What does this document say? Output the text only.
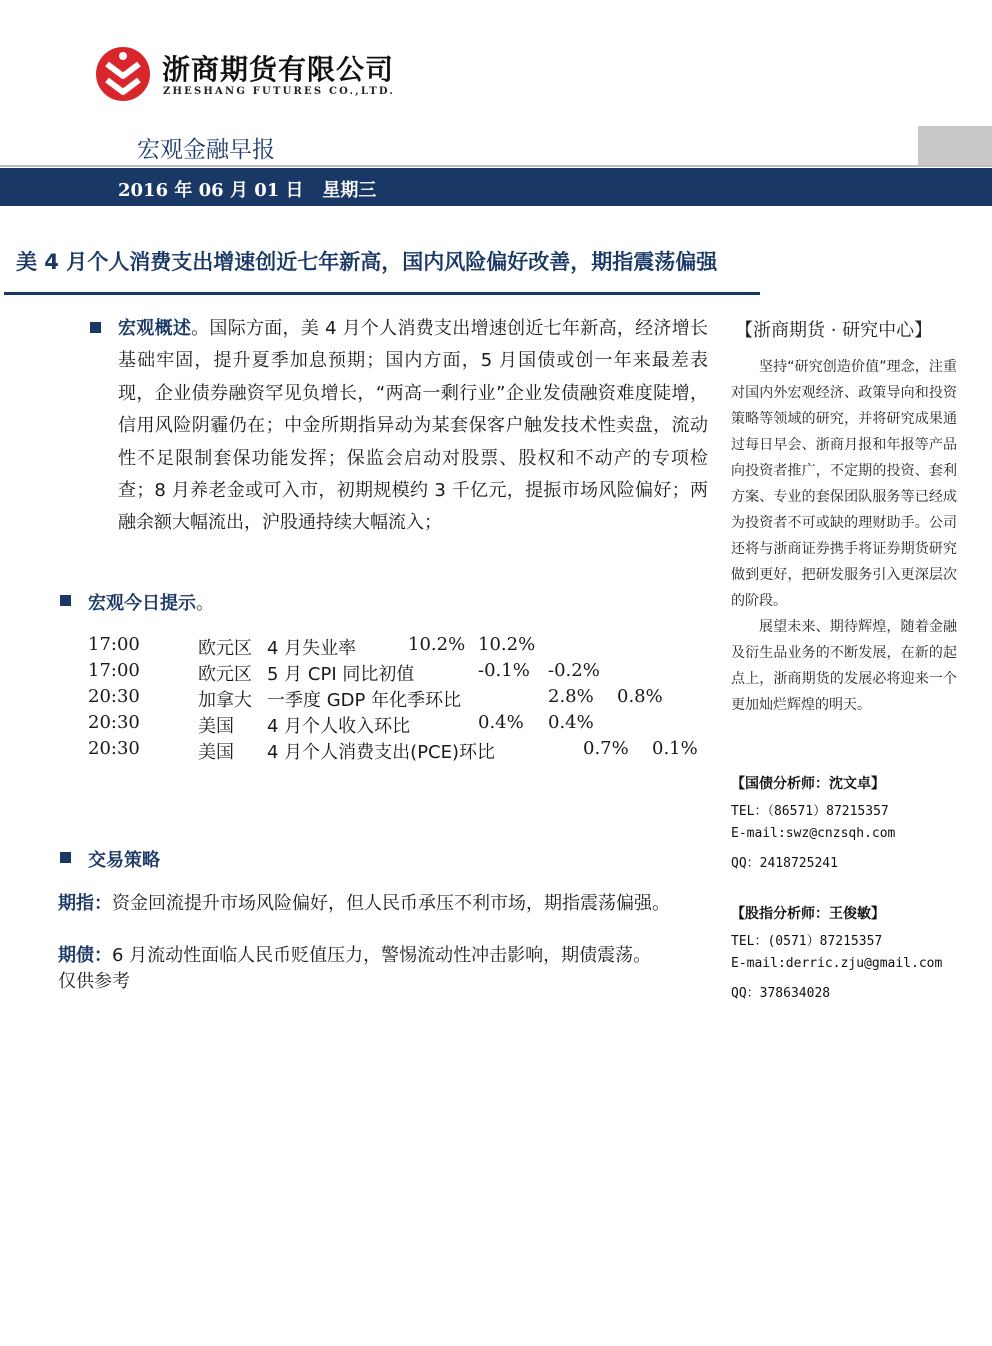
浙商期货有限公司
ZHESHANG FUTURES CO.,LTD.
宏观金融早报
2016 年 06 月 01 日 星期三
美 4 月个人消费支出增速创近七年新高，国内风险偏好改善，期指震荡偏强
宏观概述。国际方面，美 4 月个人消费支出增速创近七年新高，经济增长基础牢固，提升夏季加息预期；国内方面，5 月国债或创一年来最差表现，企业债券融资罕见负增长，“两高一剩行业”企业发债融资难度陡增，信用风险阴霾仍在；中金所期指异动为某套保客户触发技术性卖盘，流动性不足限制套保功能发挥；保监会启动对股票、股权和不动产的专项检查；8 月养老金或可入市，初期规模约 3 千亿元，提振市场风险偏好；两融余额大幅流出，沪股通持续大幅流入；
宏观今日提示。
17:00	欧元区 4 月失业率	10.2% 10.2%
17:00	欧元区 5 月 CPI 同比初值	-0.1% -0.2%
20:30	加拿大 一季度 GDP 年化季环比	2.8% 0.8%
20:30	美国 4 月个人收入环比	0.4% 0.4%
20:30	美国 4 月个人消费支出(PCE)环比	0.7% 0.1%
交易策略
期指：资金回流提升市场风险偏好，但人民币承压不利市场，期指震荡偏强。
期债：6 月流动性面临人民币贬值压力，警惕流动性冲击影响，期债震荡。
仅供参考
【浙商期货 · 研究中心】
坚持“研究创造价值”理念，注重对国内外宏观经济、政策导向和投资策略等领域的研究，并将研究成果通过每日早会、浙商月报和年报等产品向投资者推广，不定期的投资、套利方案、专业的套保团队服务等已经成为投资者不可或缺的理财助手。公司还将与浙商证券携手将证券期货研究做到更好，把研发服务引入更深层次的阶段。
展望未来、期待辉煌，随着金融及衍生品业务的不断发展，在新的起点上，浙商期货的发展必将迎来一个更加灿烂辉煌的明天。
【国债分析师：沈文卓】
TEL：（86571）87215357
E-mail:swz@cnzsqh.com
QQ：2418725241
【股指分析师：王俊敏】
TEL：(0571）87215357
E-mail:derric.zju@gmail.com
QQ：378634028
